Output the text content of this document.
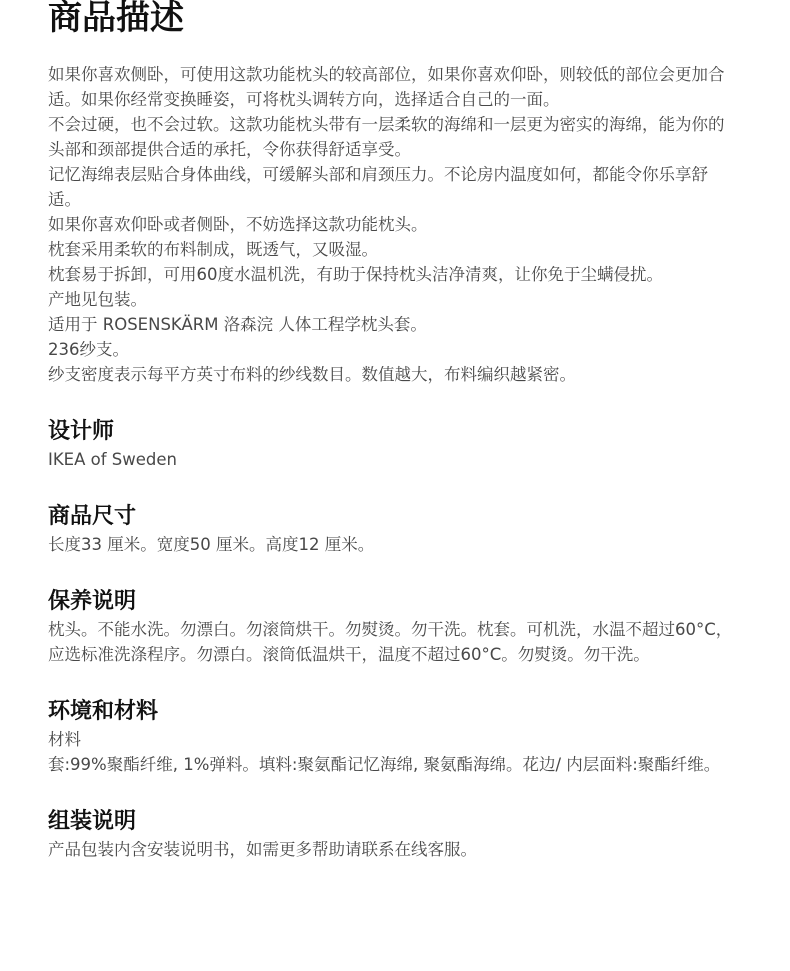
商品描述

如果你喜欢侧卧，可使用这款功能枕头的较高部位，如果你喜欢仰卧，则较低的部位会更加合适。如果你经常变换睡姿，可将枕头调转方向，选择适合自己的一面。

不会过硬，也不会过软。这款功能枕头带有一层柔软的海绵和一层更为密实的海绵，能为你的头部和颈部提供合适的承托，令你获得舒适享受。

记忆海绵表层贴合身体曲线，可缓解头部和肩颈压力。不论房内温度如何，都能令你乐享舒适。

如果你喜欢仰卧或者侧卧，不妨选择这款功能枕头。

枕套采用柔软的布料制成，既透气，又吸湿。

枕套易于拆卸，可用60度水温机洗，有助于保持枕头洁净清爽，让你免于尘螨侵扰。

产地见包装。

适用于 ROSENSKÄRM 洛森浣 人体工程学枕头套。

236纱支。

纱支密度表示每平方英寸布料的纱线数目。数值越大，布料编织越紧密。

设计师

IKEA of Sweden

商品尺寸

长度33 厘米。宽度50 厘米。高度12 厘米。

保养说明

枕头。不能水洗。勿漂白。勿滚筒烘干。勿熨烫。勿干洗。枕套。可机洗，水温不超过60°C，应选标准洗涤程序。勿漂白。滚筒低温烘干，温度不超过60°C。勿熨烫。勿干洗。

环境和材料

材料

套:99%聚酯纤维, 1%弹料。填料:聚氨酯记忆海绵, 聚氨酯海绵。花边/ 内层面料:聚酯纤维。

组装说明

产品包装内含安装说明书，如需更多帮助请联系在线客服。
